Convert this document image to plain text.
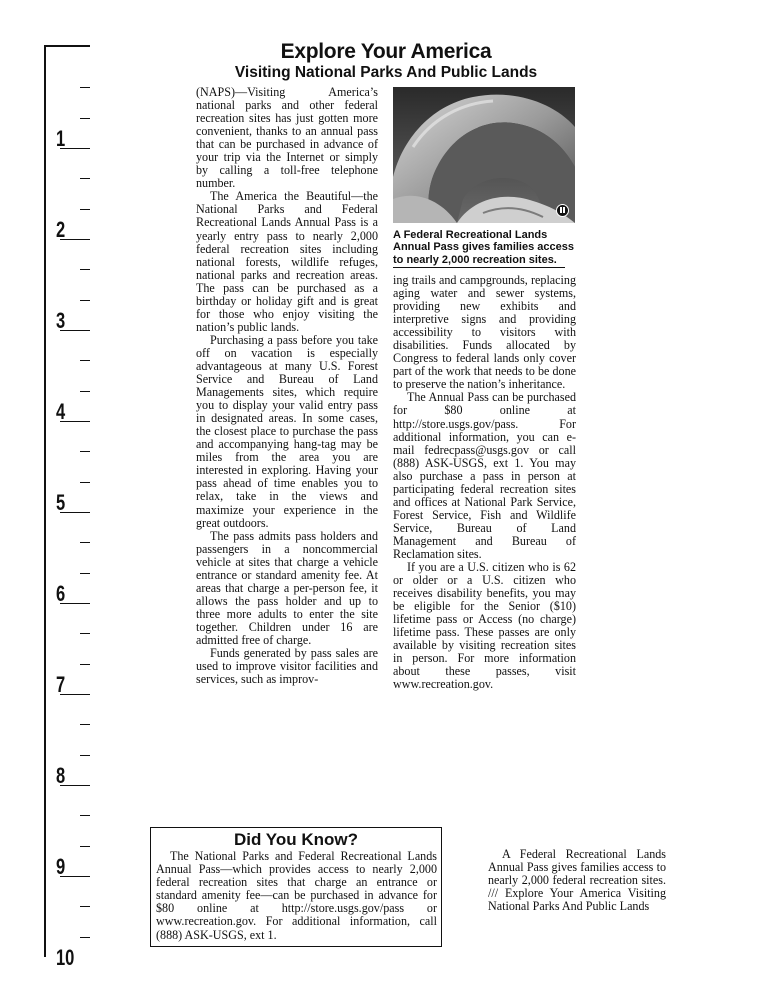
1
2
3
4
5
6
7
8
9
10
Explore Your America
Visiting National Parks And Public Lands

(NAPS)—Visiting America’s national parks and other federal recreation sites has just gotten more convenient, thanks to an annual pass that can be purchased in advance of your trip via the Internet or simply by calling a toll-free telephone number.

The America the Beautiful—the National Parks and Federal Recreational Lands Annual Pass is a yearly entry pass to nearly 2,000 federal recreation sites including national forests, wildlife refuges, national parks and recreation areas. The pass can be purchased as a birthday or holiday gift and is great for those who enjoy visiting the nation’s public lands.

Purchasing a pass before you take off on vacation is especially advantageous at many U.S. Forest Service and Bureau of Land Managements sites, which require you to display your valid entry pass in designated areas. In some cases, the closest place to purchase the pass and accompanying hang-tag may be miles from the area you are interested in exploring. Having your pass ahead of time enables you to relax, take in the views and maximize your experience in the great outdoors.

The pass admits pass holders and passengers in a noncommercial vehicle at sites that charge a vehicle entrance or standard amenity fee. At areas that charge a per-person fee, it allows the pass holder and up to three more adults to enter the site together. Children under 16 are admitted free of charge.

Funds generated by pass sales are used to improve visitor facilities and services, such as improv-

A Federal Recreational Lands Annual Pass gives families access to nearly 2,000 recreation sites.

ing trails and campgrounds, replacing aging water and sewer systems, providing new exhibits and interpretive signs and providing accessibility to visitors with disabilities. Funds allocated by Congress to federal lands only cover part of the work that needs to be done to preserve the nation’s inheritance.

The Annual Pass can be purchased for $80 online at http://store.usgs.gov/pass. For additional information, you can e-mail fedrecpass@usgs.gov or call (888) ASK-USGS, ext 1. You may also purchase a pass in person at participating federal recreation sites and offices at National Park Service, Forest Service, Fish and Wildlife Service, Bureau of Land Management and Bureau of Reclamation sites.

If you are a U.S. citizen who is 62 or older or a U.S. citizen who receives disability benefits, you may be eligible for the Senior ($10) lifetime pass or Access (no charge) lifetime pass. These passes are only available by visiting recreation sites in person. For more information about these passes, visit www.recreation.gov.

Did You Know?
The National Parks and Federal Recreational Lands Annual Pass—which provides access to nearly 2,000 federal recreation sites that charge an entrance or standard amenity fee—can be purchased in advance for $80 online at http://store.usgs.gov/pass or www.recreation.gov. For additional information, call (888) ASK-USGS, ext 1.
A Federal Recreational Lands Annual Pass gives families access to nearly 2,000 federal recreation sites. /// Explore Your America Visiting National Parks And Public Lands
